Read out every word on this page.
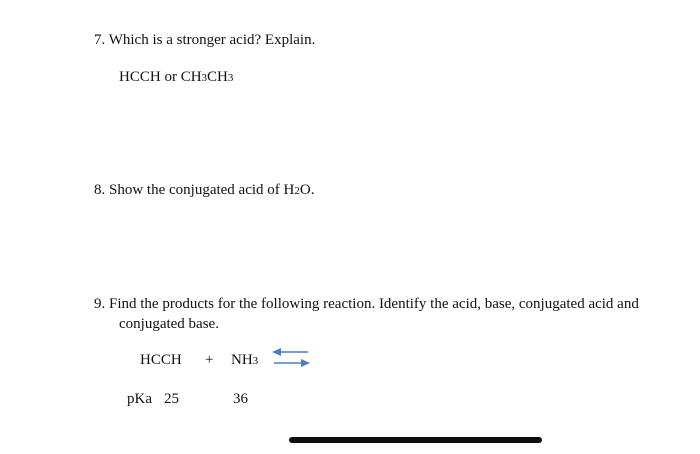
7. Which is a stronger acid? Explain.
HCCH or CH3CH3
8. Show the conjugated acid of H2O.
9. Find the products for the following reaction. Identify the acid, base, conjugated acid and
conjugated base.
HCCH + NH3 ⇌
pKa 25	36
